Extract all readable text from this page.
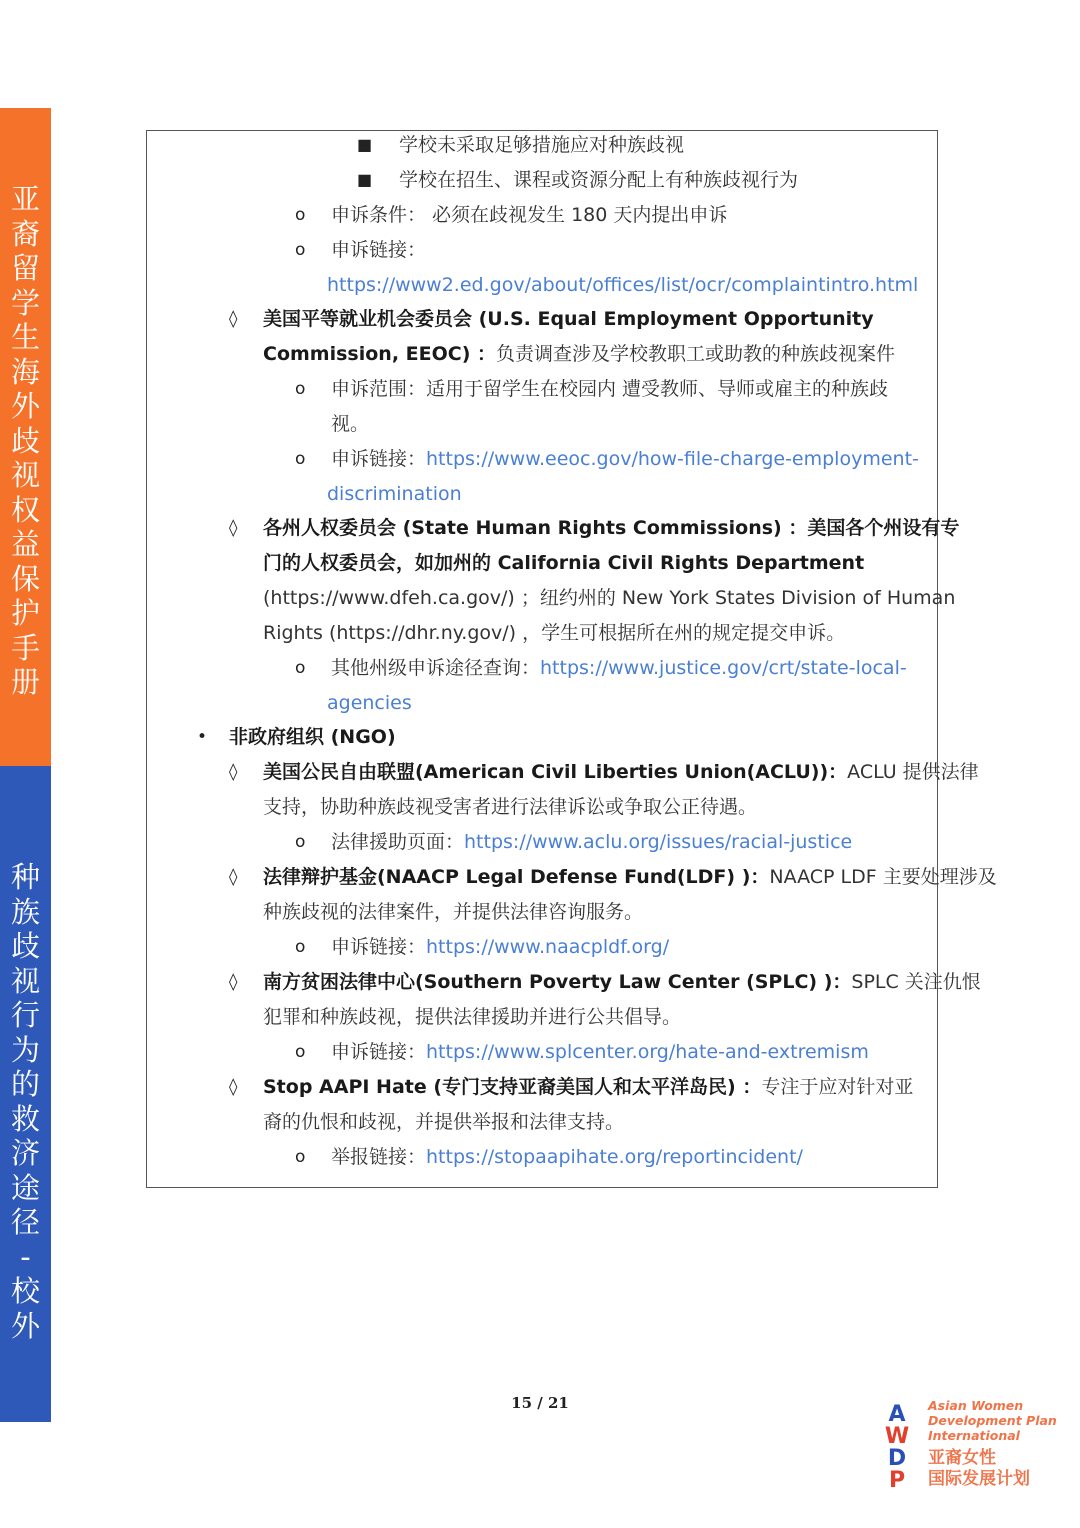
亚
裔
留
学
生
海
外
歧
视
权
益
保
护
手
册
种
族
歧
视
行
为
的
救
济
途
径
-
校
外
■ 学校未采取足够措施应对种族歧视
■ 学校在招生、课程或资源分配上有种族歧视行为
o 申诉条件： 必须在歧视发生 180 天内提出申诉
o 申诉链接：
https://www2.ed.gov/about/offices/list/ocr/complaintintro.html
◊ 美国平等就业机会委员会 (U.S. Equal Employment Opportunity
Commission, EEOC) ：负责调查涉及学校教职工或助教的种族歧视案件
o 申诉范围：适用于留学生在校园内 遭受教师、导师或雇主的种族歧
视。
o 申诉链接：https://www.eeoc.gov/how-file-charge-employment-
discrimination
◊ 各州人权委员会 (State Human Rights Commissions) ：美国各个州设有专
门的人权委员会，如加州的 California Civil Rights Department
(https://www.dfeh.ca.gov/) ；纽约州的 New York States Division of Human
Rights (https://dhr.ny.gov/) ，学生可根据所在州的规定提交申诉。
o 其他州级申诉途径查询：https://www.justice.gov/crt/state-local-
agencies
• 非政府组织 (NGO)
◊ 美国公民自由联盟(American Civil Liberties Union(ACLU))：ACLU 提供法律
支持，协助种族歧视受害者进行法律诉讼或争取公正待遇。
o 法律援助页面：https://www.aclu.org/issues/racial-justice
◊ 法律辩护基金(NAACP Legal Defense Fund(LDF) )：NAACP LDF 主要处理涉及
种族歧视的法律案件，并提供法律咨询服务。
o 申诉链接：https://www.naacpldf.org/
◊ 南方贫困法律中心(Southern Poverty Law Center (SPLC) )：SPLC 关注仇恨
犯罪和种族歧视，提供法律援助并进行公共倡导。
o 申诉链接：https://www.splcenter.org/hate-and-extremism
◊ Stop AAPI Hate (专门支持亚裔美国人和太平洋岛民) ：专注于应对针对亚
裔的仇恨和歧视，并提供举报和法律支持。
o 举报链接：https://stopaapihate.org/reportincident/
15 / 21	A
W
D
P
Asian Women
Development Plan
International
亚裔女性
国际发展计划
